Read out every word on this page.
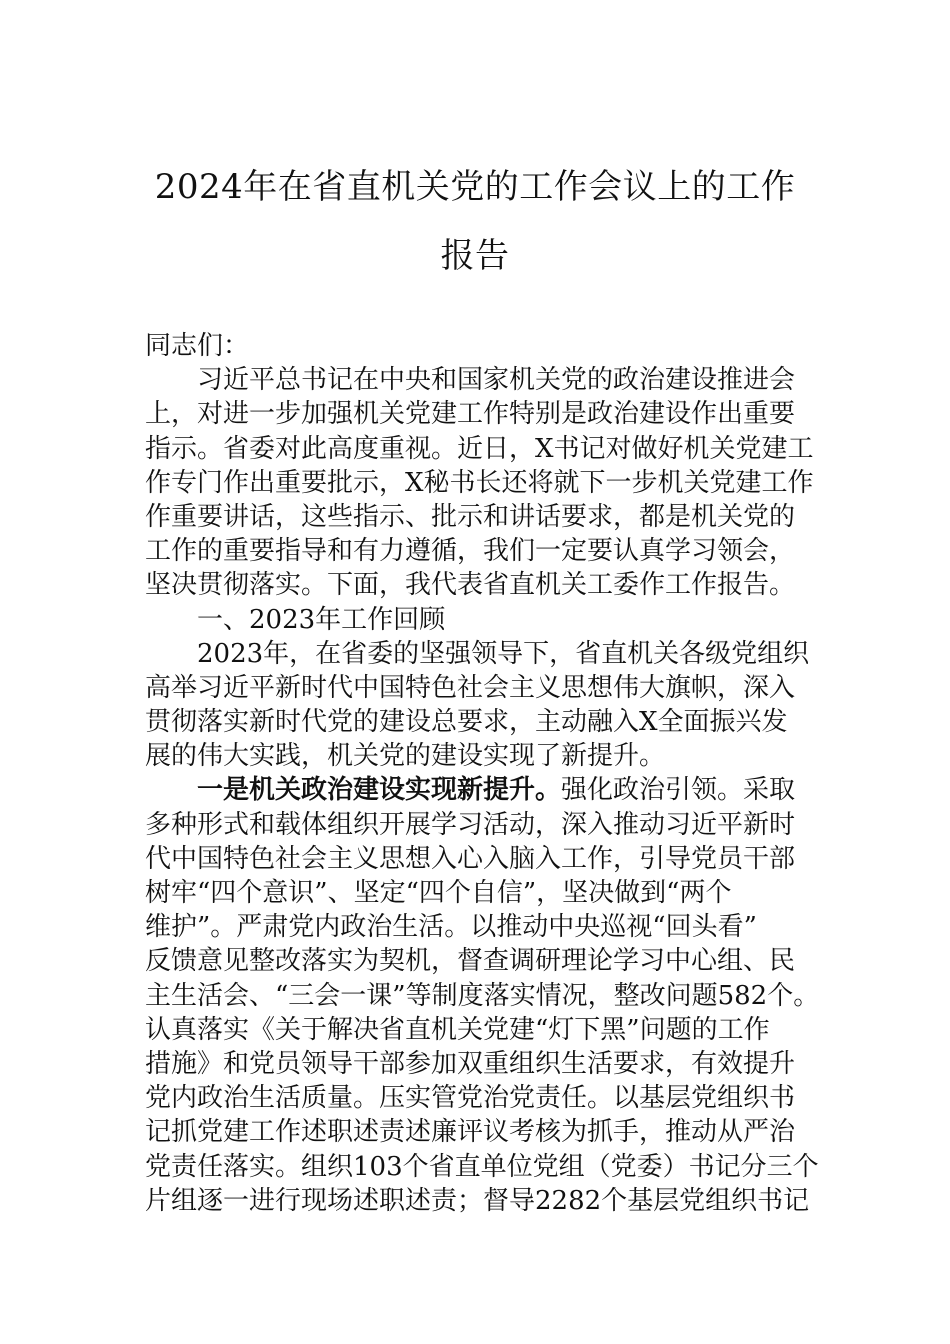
2024年在省直机关党的工作会议上的工作
报告
同志们：
习近平总书记在中央和国家机关党的政治建设推进会
上，对进一步加强机关党建工作特别是政治建设作出重要
指示。省委对此高度重视。近日，X书记对做好机关党建工
作专门作出重要批示，X秘书长还将就下一步机关党建工作
作重要讲话，这些指示、批示和讲话要求，都是机关党的
工作的重要指导和有力遵循，我们一定要认真学习领会，
坚决贯彻落实。下面，我代表省直机关工委作工作报告。
一、2023年工作回顾
2023年，在省委的坚强领导下，省直机关各级党组织
高举习近平新时代中国特色社会主义思想伟大旗帜，深入
贯彻落实新时代党的建设总要求，主动融入X全面振兴发
展的伟大实践，机关党的建设实现了新提升。
一是机关政治建设实现新提升。强化政治引领。采取
多种形式和载体组织开展学习活动，深入推动习近平新时
代中国特色社会主义思想入心入脑入工作，引导党员干部
树牢“四个意识”、坚定“四个自信”，坚决做到“两个
维护”。严肃党内政治生活。以推动中央巡视“回头看”
反馈意见整改落实为契机，督查调研理论学习中心组、民
主生活会、“三会一课”等制度落实情况，整改问题582个。
认真落实《关于解决省直机关党建“灯下黑”问题的工作
措施》和党员领导干部参加双重组织生活要求，有效提升
党内政治生活质量。压实管党治党责任。以基层党组织书
记抓党建工作述职述责述廉评议考核为抓手，推动从严治
党责任落实。组织103个省直单位党组（党委）书记分三个
片组逐一进行现场述职述责；督导2282个基层党组织书记
